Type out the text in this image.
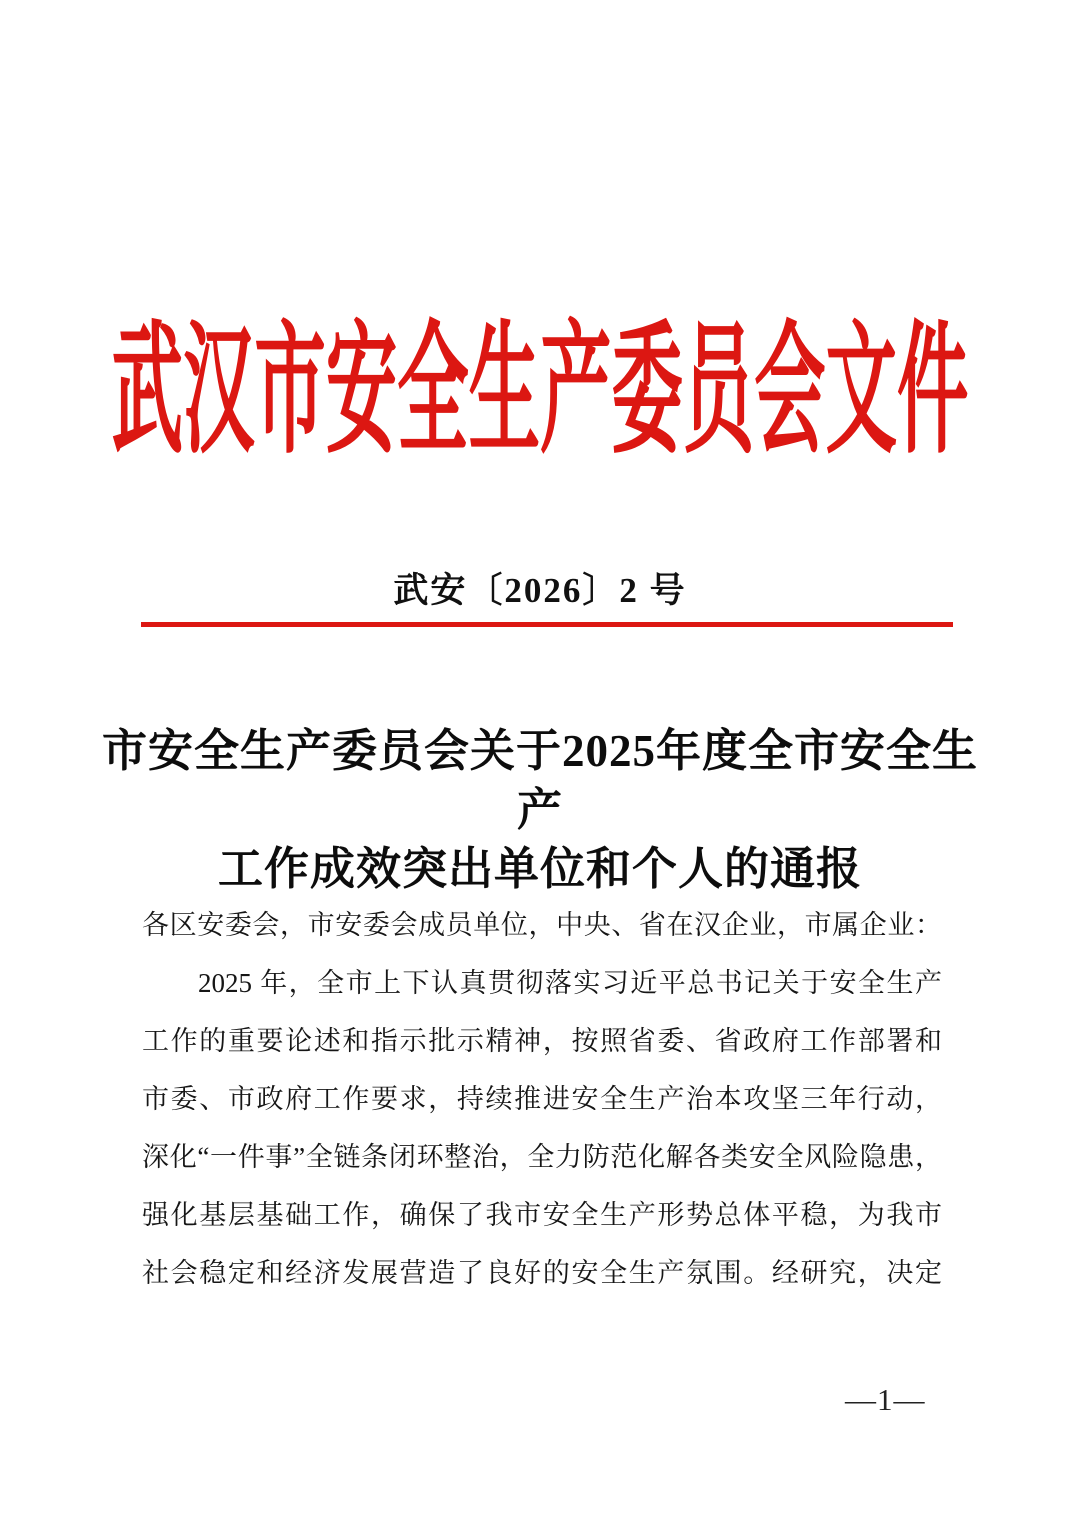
武汉市安全生产委员会文件
武安〔2026〕2 号
市安全生产委员会关于2025年度全市安全生产
工作成效突出单位和个人的通报
各区安委会，市安委会成员单位，中央、省在汉企业，市属企业：
2025 年，全市上下认真贯彻落实习近平总书记关于安全生产
工作的重要论述和指示批示精神，按照省委、省政府工作部署和
市委、市政府工作要求，持续推进安全生产治本攻坚三年行动，
深化“一件事”全链条闭环整治，全力防范化解各类安全风险隐患，
强化基层基础工作，确保了我市安全生产形势总体平稳，为我市
社会稳定和经济发展营造了良好的安全生产氛围。经研究，决定
—1—
